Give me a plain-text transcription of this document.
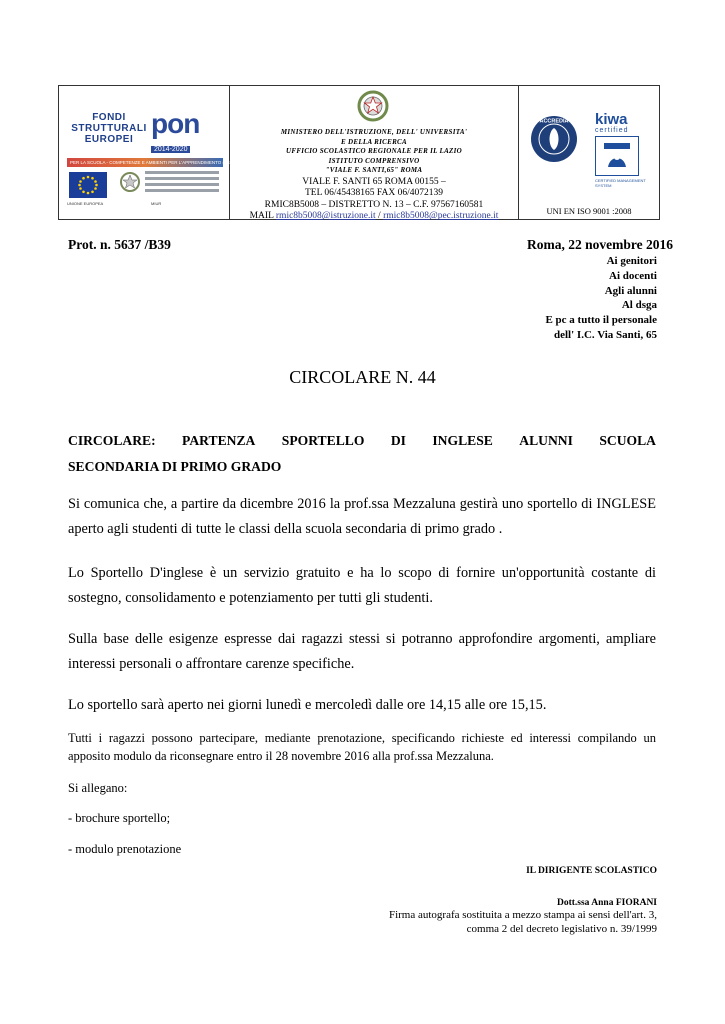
FONDI STRUTTURALI EUROPEI
pon
2014-2020
PER LA SCUOLA - COMPETENZE E AMBIENTI PER L'APPRENDIMENTO (FSE-FESR)
UNIONE EUROPEA	MIUR
MINISTERO DELL'ISTRUZIONE, DELL' UNIVERSITA'
E DELLA RICERCA
UFFICIO SCOLASTICO REGIONALE PER IL LAZIO
ISTITUTO COMPRENSIVO
"VIALE F. SANTI,65" ROMA
VIALE F. SANTI 65 ROMA 00155 –
TEL 06/45438165 FAX 06/4072139
RMIC8B5008 – DISTRETTO N. 13 – C.F. 97567160581
MAIL rmic8b5008@istruzione.it / rmic8b5008@pec.istruzione.it
ACCREDIA kiwa
certified
CERTIFIED MANAGEMENT SYSTEM
UNI EN ISO 9001 :2008
Prot. n. 5637 /B39	Roma, 22 novembre 2016
Ai genitori
Ai docenti
Agli alunni
Al dsga
E pc a tutto il personale
dell' I.C. Via Santi, 65
CIRCOLARE N. 44
CIRCOLARE: PARTENZA SPORTELLO DI INGLESE ALUNNI SCUOLA
SECONDARIA DI PRIMO GRADO
Si comunica che, a partire da dicembre 2016 la prof.ssa Mezzaluna gestirà uno sportello di INGLESE aperto agli studenti di tutte le classi della scuola secondaria di primo grado .
Lo Sportello D'inglese è un servizio gratuito e ha lo scopo di fornire un'opportunità costante di sostegno, consolidamento e potenziamento per tutti gli studenti.
Sulla base delle esigenze espresse dai ragazzi stessi si potranno approfondire argomenti, ampliare interessi personali o affrontare carenze specifiche.
Lo sportello sarà aperto nei giorni lunedì e mercoledì dalle ore 14,15 alle ore 15,15.
Tutti i ragazzi possono partecipare, mediante prenotazione, specificando richieste ed interessi compilando un apposito modulo da riconsegnare entro il 28 novembre 2016 alla prof.ssa Mezzaluna.
Si allegano:
- brochure sportello;
- modulo prenotazione
IL DIRIGENTE SCOLASTICO
Dott.ssa Anna FIORANI
Firma autografa sostituita a mezzo stampa ai sensi dell'art. 3,
comma 2 del decreto legislativo n. 39/1999
